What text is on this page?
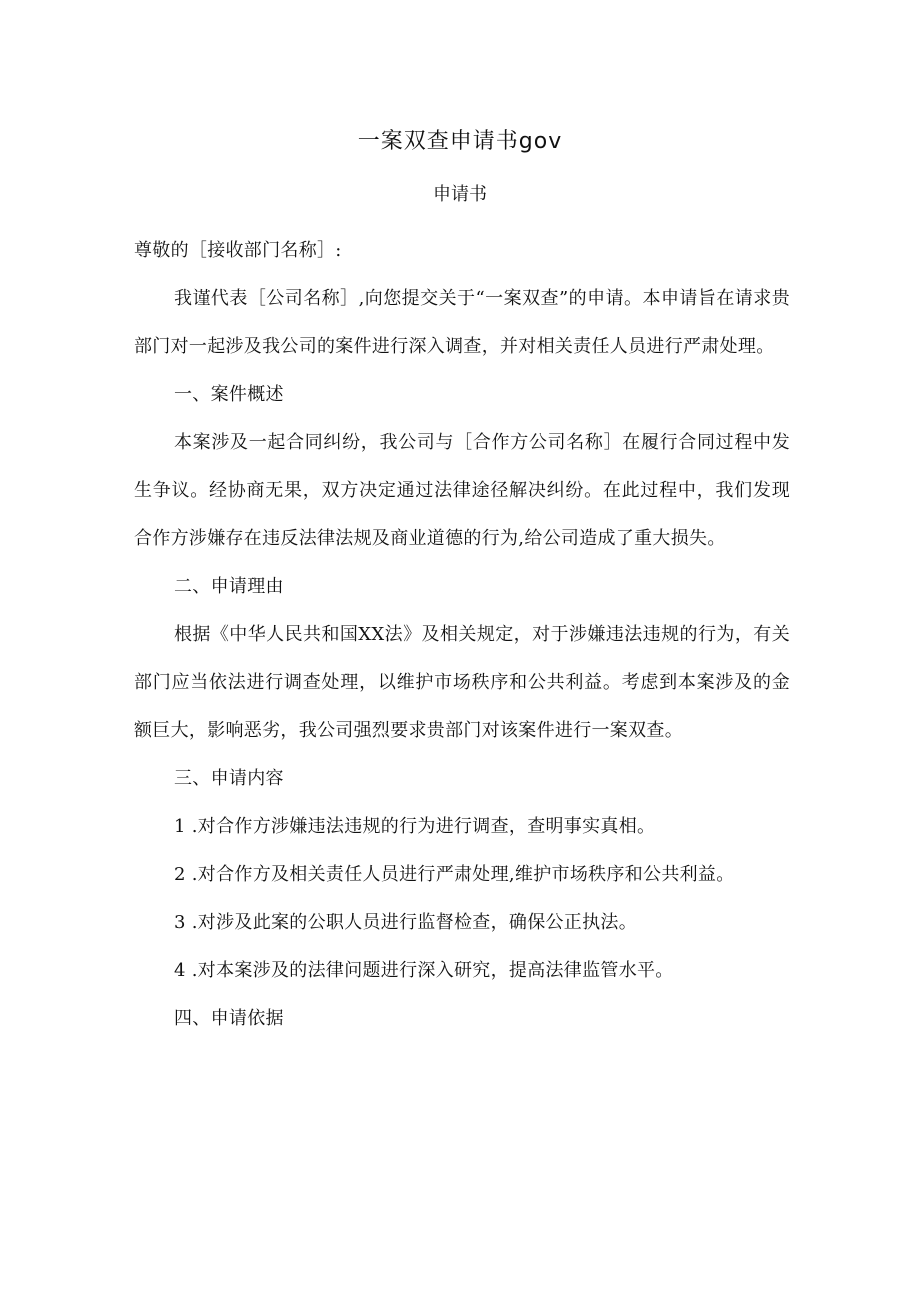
一案双查申请书gov
申请书

尊敬的［接收部门名称］:

我谨代表［公司名称］,向您提交关于“一案双查”的申请。本申请旨在请求贵部门对一起涉及我公司的案件进行深入调查，并对相关责任人员进行严肃处理。

一、案件概述

本案涉及一起合同纠纷，我公司与［合作方公司名称］在履行合同过程中发生争议。经协商无果，双方决定通过法律途径解决纠纷。在此过程中，我们发现合作方涉嫌存在违反法律法规及商业道德的行为,给公司造成了重大损失。

二、申请理由

根据《中华人民共和国XX法》及相关规定，对于涉嫌违法违规的行为，有关部门应当依法进行调查处理，以维护市场秩序和公共利益。考虑到本案涉及的金额巨大，影响恶劣，我公司强烈要求贵部门对该案件进行一案双查。

三、申请内容

1 .对合作方涉嫌违法违规的行为进行调查，查明事实真相。

2 .对合作方及相关责任人员进行严肃处理,维护市场秩序和公共利益。

3 .对涉及此案的公职人员进行监督检查，确保公正执法。

4 .对本案涉及的法律问题进行深入研究，提高法律监管水平。

四、申请依据
